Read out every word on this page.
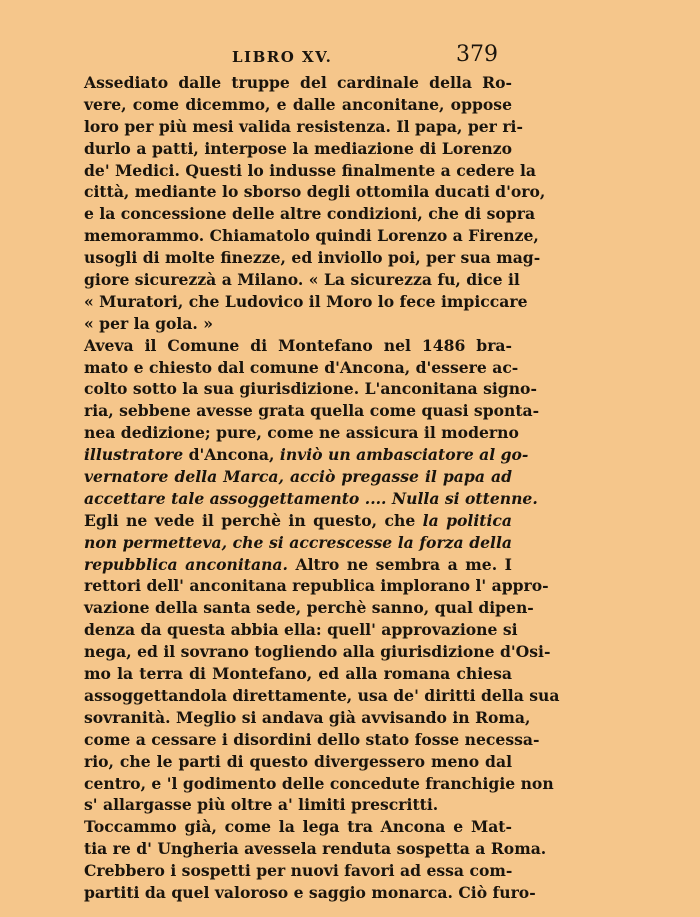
LIBRO XV.	379
Assediato dalle truppe del cardinale della Ro-
vere, come dicemmo, e dalle anconitane, oppose
loro per più mesi valida resistenza. Il papa, per ri-
durlo a patti, interpose la mediazione di Lorenzo
de' Medici. Questi lo indusse finalmente a cedere la
città, mediante lo sborso degli ottomila ducati d'oro,
e la concessione delle altre condizioni, che di sopra
memorammo. Chiamatolo quindi Lorenzo a Firenze,
usogli di molte finezze, ed inviollo poi, per sua mag-
giore sicurezzà a Milano. « La sicurezza fu, dice il
« Muratori, che Ludovico il Moro lo fece impiccare
« per la gola. »
Aveva il Comune di Montefano nel 1486 bra-
mato e chiesto dal comune d'Ancona, d'essere ac-
colto sotto la sua giurisdizione. L'anconitana signo-
ria, sebbene avesse grata quella come quasi sponta-
nea dedizione; pure, come ne assicura il moderno
illustratore d'Ancona, inviò un ambasciatore al go-
vernatore della Marca, acciò pregasse il papa ad
accettare tale assoggettamento .... Nulla si ottenne.
Egli ne vede il perchè in questo, che la politica
non permetteva, che si accrescesse la forza della
repubblica anconitana. Altro ne sembra a me. I
rettori dell' anconitana republica implorano l' appro-
vazione della santa sede, perchè sanno, qual dipen-
denza da questa abbia ella: quell' approvazione si
nega, ed il sovrano togliendo alla giurisdizione d'Osi-
mo la terra di Montefano, ed alla romana chiesa
assoggettandola direttamente, usa de' diritti della sua
sovranità. Meglio si andava già avvisando in Roma,
come a cessare i disordini dello stato fosse necessa-
rio, che le parti di questo divergessero meno dal
centro, e 'l godimento delle concedute franchigie non
s' allargasse più oltre a' limiti prescritti.
Toccammo già, come la lega tra Ancona e Mat-
tia re d' Ungheria avessela renduta sospetta a Roma.
Crebbero i sospetti per nuovi favori ad essa com-
partiti da quel valoroso e saggio monarca. Ciò furo-
